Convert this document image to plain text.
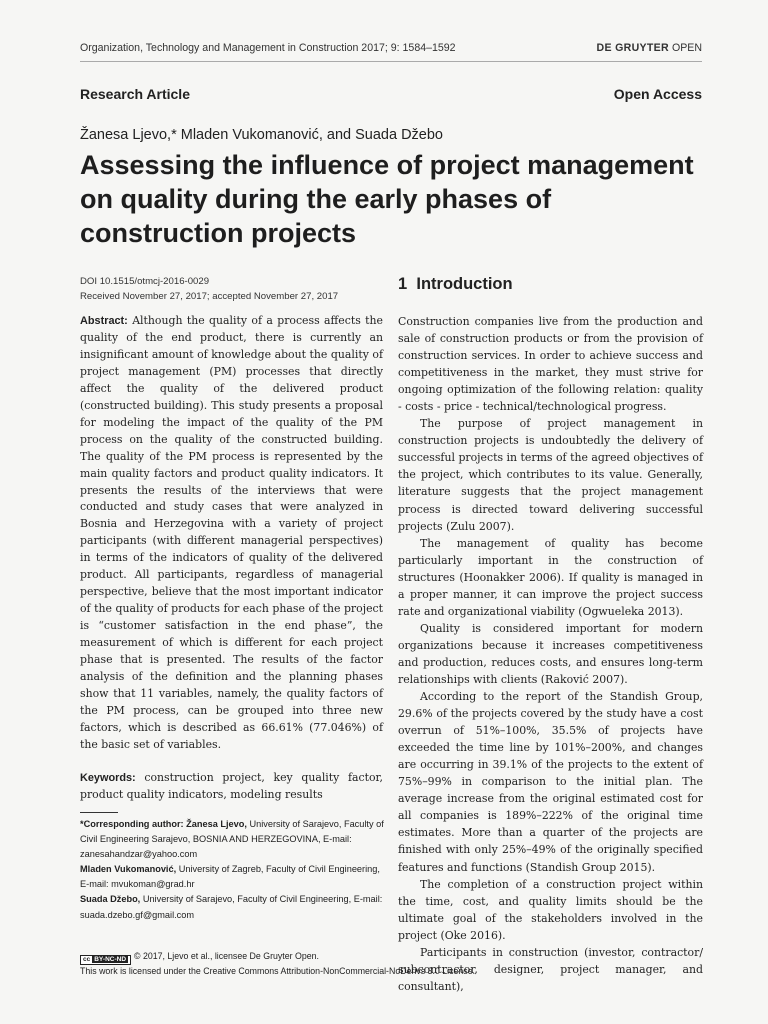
Organization, Technology and Management in Construction 2017; 9: 1584–1592	DE GRUYTER OPEN
Research Article	Open Access
Žanesa Ljevo,* Mladen Vukomanović, and Suada Džebo
Assessing the influence of project management on quality during the early phases of construction projects
DOI 10.1515/otmcj-2016-0029
Received November 27, 2017; accepted November 27, 2017
1 Introduction

Abstract: Although the quality of a process affects the quality of the end product, there is currently an insignificant amount of knowledge about the quality of project management (PM) processes that directly affect the quality of the delivered product (constructed building). This study presents a proposal for modeling the impact of the quality of the PM process on the quality of the constructed building. The quality of the PM process is represented by the main quality factors and product quality indicators. It presents the results of the interviews that were conducted and study cases that were analyzed in Bosnia and Herzegovina with a variety of project participants (with different managerial perspectives) in terms of the indicators of quality of the delivered product. All participants, regardless of managerial perspective, believe that the most important indicator of the quality of products for each phase of the project is “customer satisfaction in the end phase”, the measurement of which is different for each project phase that is presented. The results of the factor analysis of the definition and the planning phases show that 11 variables, namely, the quality factors of the PM process, can be grouped into three new factors, which is described as 66.61% (77.046%) of the basic set of variables.

Keywords: construction project, key quality factor, product quality indicators, modeling results

*Corresponding author: Žanesa Ljevo, University of Sarajevo, Faculty of Civil Engineering Sarajevo, BOSNIA AND HERZEGOVINA, E-mail: zanesahandzar@yahoo.com
Mladen Vukomanović, University of Zagreb, Faculty of Civil Engineering, E-mail: mvukoman@grad.hr
Suada Džebo, University of Sarajevo, Faculty of Civil Engineering, E-mail: suada.dzebo.gf@gmail.com
cc BY-NC-ND © 2017, Ljevo et al., licensee De Gruyter Open.
This work is licensed under the Creative Commons Attribution-NonCommercial-NoDerivs 3.0 License.

Construction companies live from the production and sale of construction products or from the provision of construction services. In order to achieve success and competitiveness in the market, they must strive for ongoing optimization of the following relation: quality - costs - price - technical/technological progress.

The purpose of project management in construction projects is undoubtedly the delivery of successful projects in terms of the agreed objectives of the project, which contributes to its value. Generally, literature suggests that the project management process is directed toward delivering successful projects (Zulu 2007).

The management of quality has become particularly important in the construction of structures (Hoonakker 2006). If quality is managed in a proper manner, it can improve the project success rate and organizational viability (Ogwueleka 2013).

Quality is considered important for modern organizations because it increases competitiveness and production, reduces costs, and ensures long-term relationships with clients (Raković 2007).

According to the report of the Standish Group, 29.6% of the projects covered by the study have a cost overrun of 51%–100%, 35.5% of projects have exceeded the time line by 101%–200%, and changes are occurring in 39.1% of the projects to the extent of 75%–99% in comparison to the initial plan. The average increase from the original estimated cost for all companies is 189%–222% of the original time estimates. More than a quarter of the projects are finished with only 25%–49% of the originally specified features and functions (Standish Group 2015).

The completion of a construction project within the time, cost, and quality limits should be the ultimate goal of the stakeholders involved in the project (Oke 2016).

Participants in construction (investor, contractor/ subcontractor, designer, project manager, and consultant),
